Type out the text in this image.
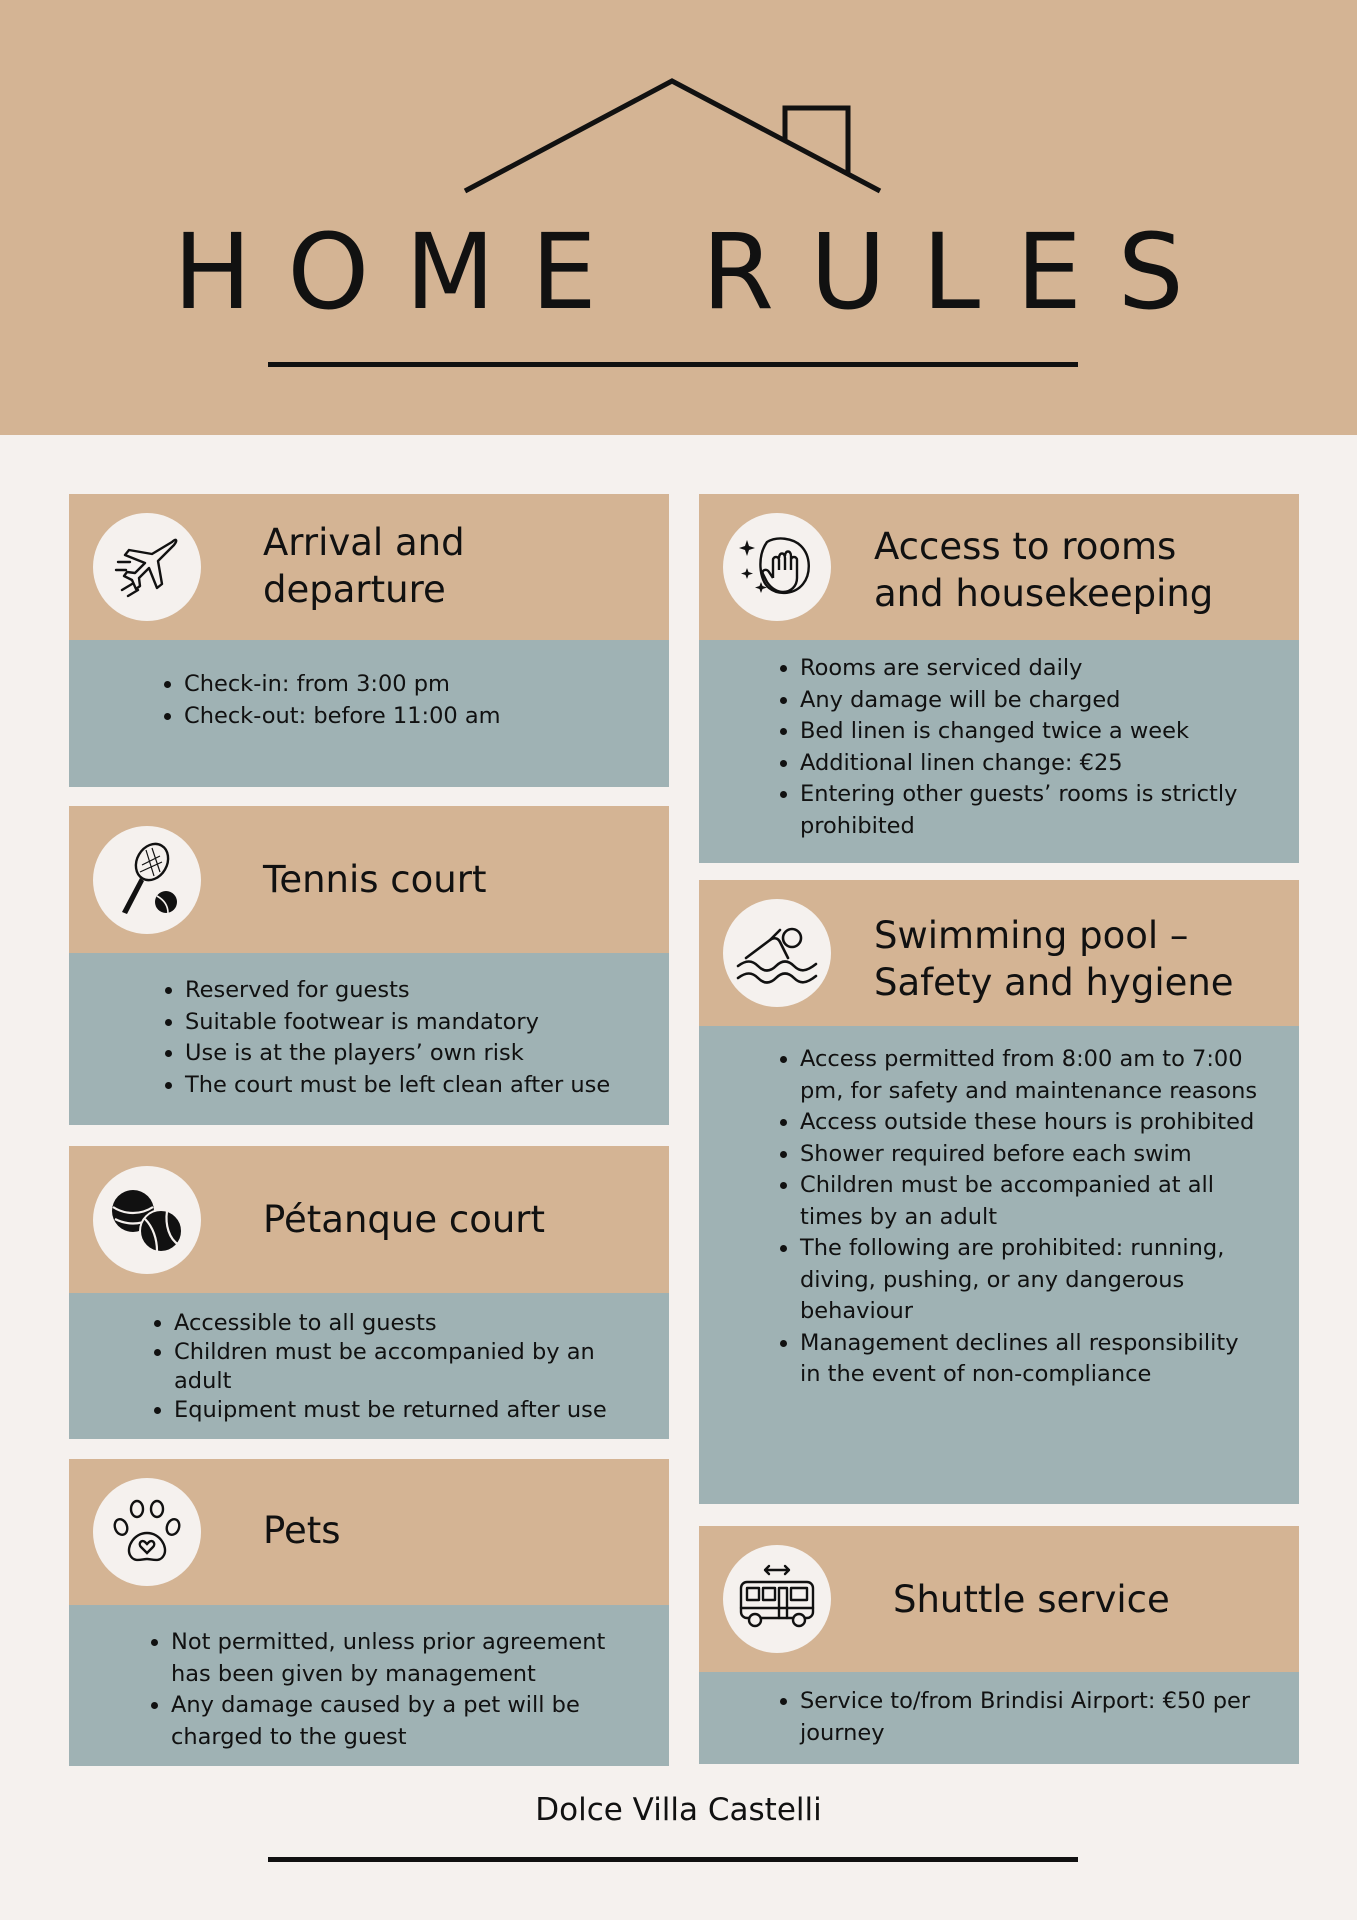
HOME RULES
Arrival and
departure
• Check-in: from 3:00 pm
• Check-out: before 11:00 am
Tennis court
• Reserved for guests
• Suitable footwear is mandatory
• Use is at the players’ own risk
• The court must be left clean after use
Pétanque court
• Accessible to all guests
• Children must be accompanied by an adult
• Equipment must be returned after use
Pets
• Not permitted, unless prior agreement has been given by management
• Any damage caused by a pet will be charged to the guest
Access to rooms
and housekeeping
• Rooms are serviced daily
• Any damage will be charged
• Bed linen is changed twice a week
• Additional linen change: €25
• Entering other guests’ rooms is strictly prohibited
Swimming pool –
Safety and hygiene
• Access permitted from 8:00 am to 7:00 pm, for safety and maintenance reasons
• Access outside these hours is prohibited
• Shower required before each swim
• Children must be accompanied at all times by an adult
• The following are prohibited: running, diving, pushing, or any dangerous behaviour
• Management declines all responsibility in the event of non-compliance
Shuttle service
• Service to/from Brindisi Airport: €50 per journey
Dolce Villa Castelli
